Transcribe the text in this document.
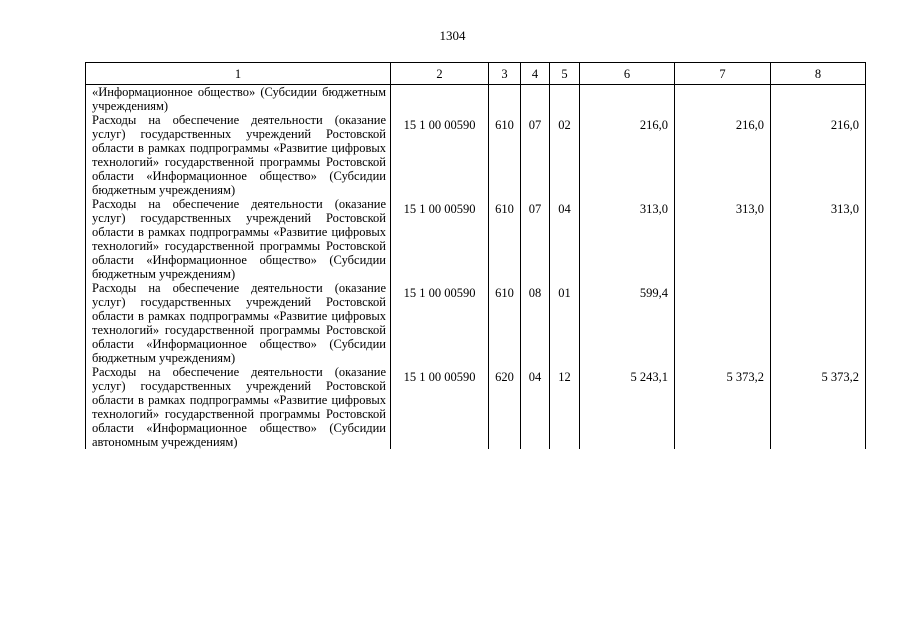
1304
1	2	3	4	5	6	7	8

«Информационное общество» (Субсидии бюджетным учреждениям)							

Расходы на обеспечение деятельности (оказание услуг) государственных учреждений Ростовской области в рамках подпрограммы «Развитие цифровых технологий» государственной программы Ростовской области «Информационное общество» (Субсидии бюджетным учреждениям)	15 1 00 00590	610	07	02	216,0	216,0	216,0
Расходы на обеспечение деятельности (оказание услуг) государственных учреждений Ростовской области в рамках подпрограммы «Развитие цифровых технологий» государственной программы Ростовской области «Информационное общество» (Субсидии бюджетным учреждениям)	15 1 00 00590	610	07	04	313,0	313,0	313,0
Расходы на обеспечение деятельности (оказание услуг) государственных учреждений Ростовской области в рамках подпрограммы «Развитие цифровых технологий» государственной программы Ростовской области «Информационное общество» (Субсидии бюджетным учреждениям)	15 1 00 00590	610	08	01	599,4		
Расходы на обеспечение деятельности (оказание услуг) государственных учреждений Ростовской области в рамках подпрограммы «Развитие цифровых технологий» государственной программы Ростовской области «Информационное общество» (Субсидии автономным учреждениям)	15 1 00 00590	620	04	12	5 243,1	5 373,2	5 373,2
